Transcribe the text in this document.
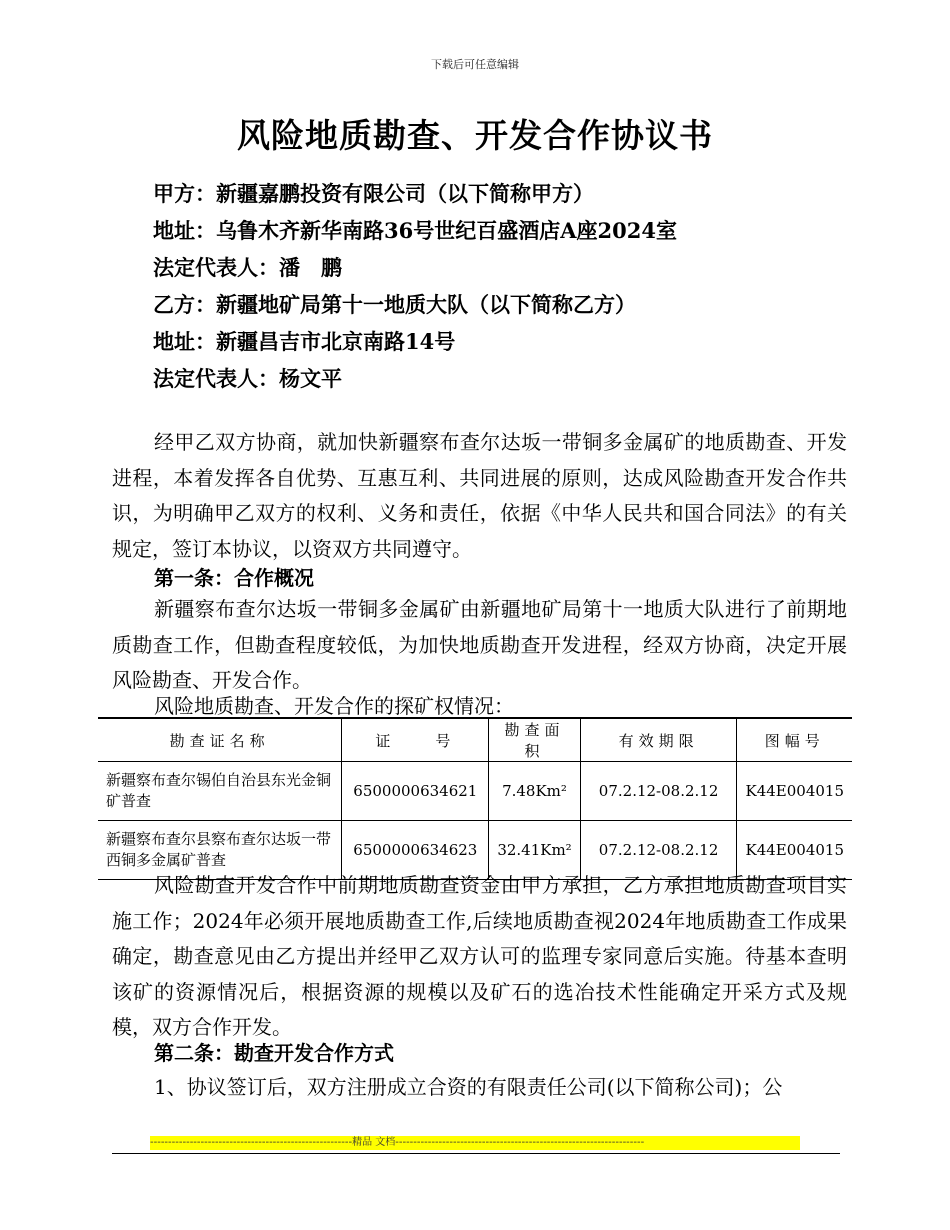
下载后可任意编辑
风险地质勘查、开发合作协议书
甲方：新疆嘉鹏投资有限公司（以下简称甲方）
地址：乌鲁木齐新华南路36号世纪百盛酒店A座2024室
法定代表人：潘　鹏
乙方：新疆地矿局第十一地质大队（以下简称乙方）
地址：新疆昌吉市北京南路14号
法定代表人：杨文平
经甲乙双方协商，就加快新疆察布查尔达坂一带铜多金属矿的地质勘查、开发进程，本着发挥各自优势、互惠互利、共同进展的原则，达成风险勘查开发合作共识，为明确甲乙双方的权利、义务和责任，依据《中华人民共和国合同法》的有关规定，签订本协议，以资双方共同遵守。
第一条：合作概况
新疆察布查尔达坂一带铜多金属矿由新疆地矿局第十一地质大队进行了前期地质勘查工作，但勘查程度较低，为加快地质勘查开发进程，经双方协商，决定开展风险勘查、开发合作。
风险地质勘查、开发合作的探矿权情况：
勘查证名称	证　　号	勘查面积	有效期限	图幅号
新疆察布查尔锡伯自治县东光金铜矿普查	6500000634621	7.48Km²	07.2.12-08.2.12	K44E004015
新疆察布查尔县察布查尔达坂一带西铜多金属矿普查	6500000634623	32.41Km²	07.2.12-08.2.12	K44E004015
风险勘查开发合作中前期地质勘查资金由甲方承担，乙方承担地质勘查项目实施工作；2024年必须开展地质勘查工作,后续地质勘查视2024年地质勘查工作成果确定，勘查意见由乙方提出并经甲乙双方认可的监理专家同意后实施。待基本查明该矿的资源情况后，根据资源的规模以及矿石的选冶技术性能确定开采方式及规模，双方合作开发。
第二条：勘查开发合作方式
1、协议签订后，双方注册成立合资的有限责任公司(以下简称公司)；公
--------------------------------------------------------精品 文档---------------------------------------------------------------------
